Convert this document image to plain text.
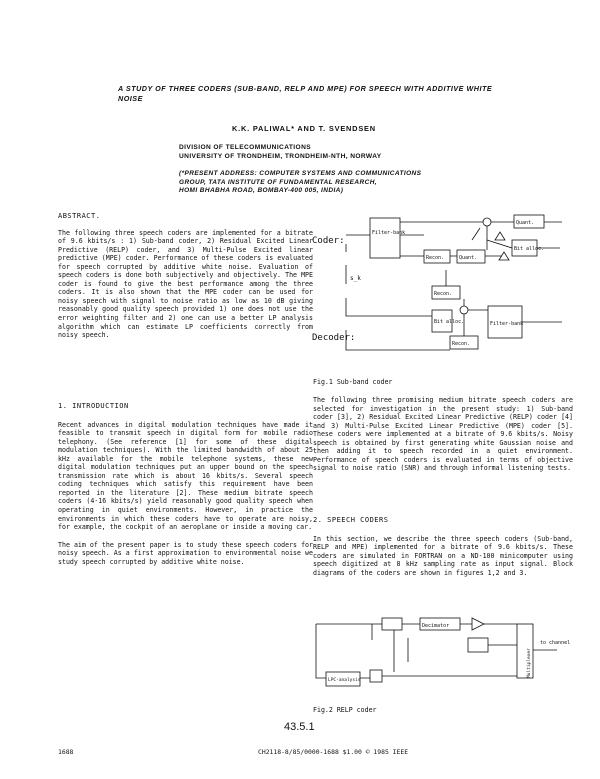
A STUDY OF THREE CODERS (SUB-BAND, RELP AND MPE) FOR SPEECH WITH ADDITIVE WHITE NOISE
K.K. PALIWAL* AND T. SVENDSEN
DIVISION OF TELECOMMUNICATIONS
UNIVERSITY OF TRONDHEIM, TRONDHEIM-NTH, NORWAY
(*PRESENT ADDRESS: COMPUTER SYSTEMS AND COMMUNICATIONS
GROUP, TATA INSTITUTE OF FUNDAMENTAL RESEARCH,
HOMI BHABHA ROAD, BOMBAY-400 005, INDIA)
ABSTRACT.

The following three speech coders are implemented for a bitrate of 9.6 kbits/s : 1) Sub-band coder, 2) Residual Excited Linear Predictive (RELP) coder, and 3) Multi-Pulse Excited linear predictive (MPE) coder. Performance of these coders is evaluated for speech corrupted by additive white noise. Evaluation of speech coders is done both subjectively and objectively. The MPE coder is found to give the best performance among the three coders. It is also shown that the MPE coder can be used for noisy speech with signal to noise ratio as low as 10 dB giving reasonably good quality speech provided 1) one does not use the error weighting filter and 2) one can use a better LP analysis algorithm which can estimate LP coefficients correctly from noisy speech.

1. INTRODUCTION

Recent advances in digital modulation techniques have made it feasible to transmit speech in digital form for mobile radio telephony. (See reference [1] for some of these digital modulation techniques). With the limited bandwidth of about 25 kHz available for the mobile telephone systems, these new digital modulation techniques put an upper bound on the speech transmission rate which is about 16 kbits/s. Several speech coding techniques which satisfy this requirement have been reported in the literature [2]. These medium bitrate speech coders (4-16 kbits/s) yield reasonably good quality speech when operating in quiet environments. However, in practice the environments in which these coders have to operate are noisy, for example, the cockpit of an aeroplane or inside a moving car.

The aim of the present paper is to study these speech coders for noisy speech. As a first approximation to environmental noise we study speech corrupted by additive white noise.

Coder:
Decoder:
Filter-bank
Recon.	Quant.
Quant.
Bit alloc.
Recon.
Bit alloc.
Recon.
Filter-bank
s_k
Fig.1 Sub-band coder

The following three promising medium bitrate speech coders are selected for investigation in the present study: 1) Sub-band coder [3], 2) Residual Excited Linear Predictive (RELP) coder [4] and 3) Multi-Pulse Excited Linear Predictive (MPE) coder [5]. These coders were implemented at a bitrate of 9.6 kbits/s. Noisy speech is obtained by first generating white Gaussian noise and then adding it to speech recorded in a quiet environment. Performance of speech coders is evaluated in terms of objective signal to noise ratio (SNR) and through informal listening tests.

2. SPEECH CODERS

In this section, we describe the three speech coders (Sub-band, RELP and MPE) implemented for a bitrate of 9.6 kbits/s. These coders are simulated in FORTRAN on a ND-100 minicomputer using speech digitized at 8 kHz sampling rate as input signal. Block diagrams of the coders are shown in figures 1,2 and 3.

Decimator
LPC-analysis
to channel
Multiplexer
Fig.2 RELP coder
43.5.1
1688	CH2118-8/85/0000-1688 $1.00 © 1985 IEEE
